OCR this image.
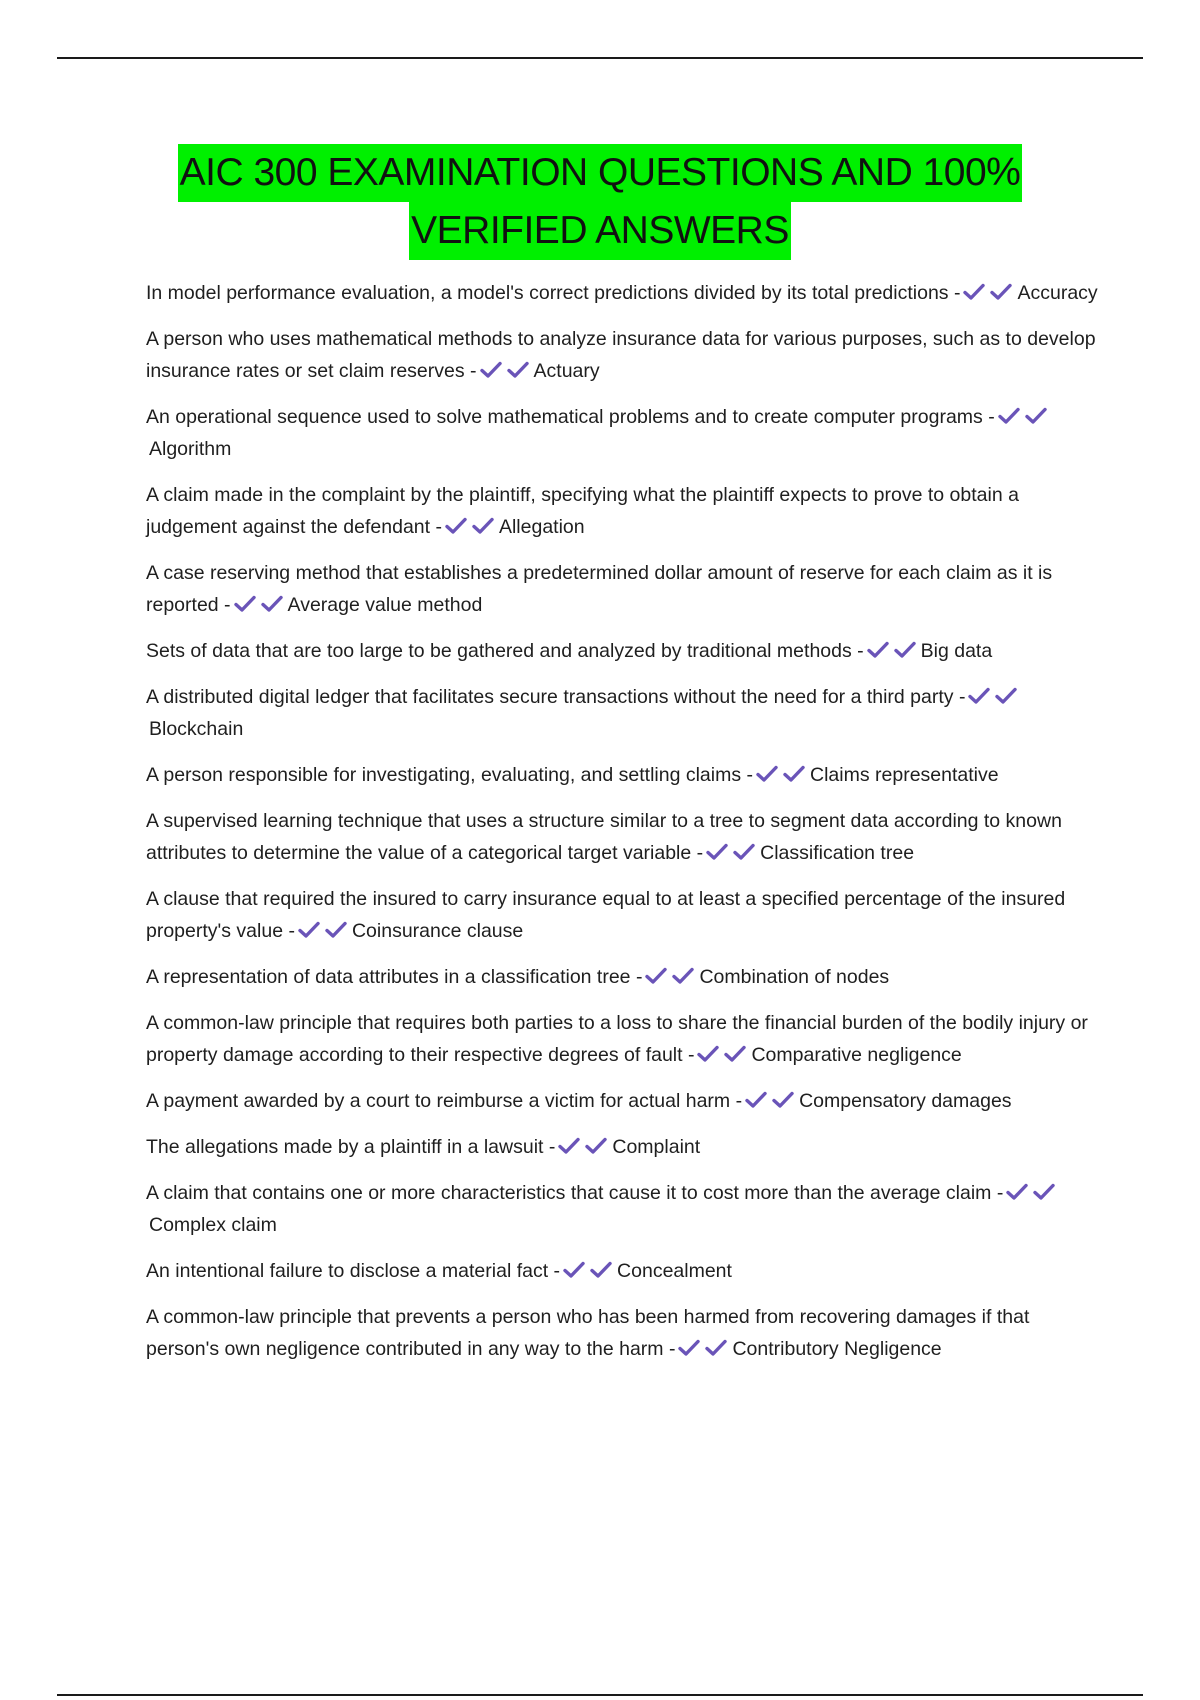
AIC 300 EXAMINATION QUESTIONS AND 100%
VERIFIED ANSWERS

In model performance evaluation, a model's correct predictions divided by its total predictions -	Accuracy

A person who uses mathematical methods to analyze insurance data for various purposes, such as to develop insurance rates or set claim reserves -	Actuary

An operational sequence used to solve mathematical problems and to create computer programs -
Algorithm

A claim made in the complaint by the plaintiff, specifying what the plaintiff expects to prove to obtain a judgement against the defendant -	Allegation

A case reserving method that establishes a predetermined dollar amount of reserve for each claim as it is reported -	Average value method

Sets of data that are too large to be gathered and analyzed by traditional methods -	Big data

A distributed digital ledger that facilitates secure transactions without the need for a third party -
Blockchain

A person responsible for investigating, evaluating, and settling claims -	Claims representative

A supervised learning technique that uses a structure similar to a tree to segment data according to known attributes to determine the value of a categorical target variable -	Classification tree

A clause that required the insured to carry insurance equal to at least a specified percentage of the insured property's value -	Coinsurance clause

A representation of data attributes in a classification tree -	Combination of nodes

A common-law principle that requires both parties to a loss to share the financial burden of the bodily injury or property damage according to their respective degrees of fault -	Comparative negligence

A payment awarded by a court to reimburse a victim for actual harm -	Compensatory damages

The allegations made by a plaintiff in a lawsuit -	Complaint

A claim that contains one or more characteristics that cause it to cost more than the average claim -
Complex claim

An intentional failure to disclose a material fact -	Concealment

A common-law principle that prevents a person who has been harmed from recovering damages if that person's own negligence contributed in any way to the harm -	Contributory Negligence
